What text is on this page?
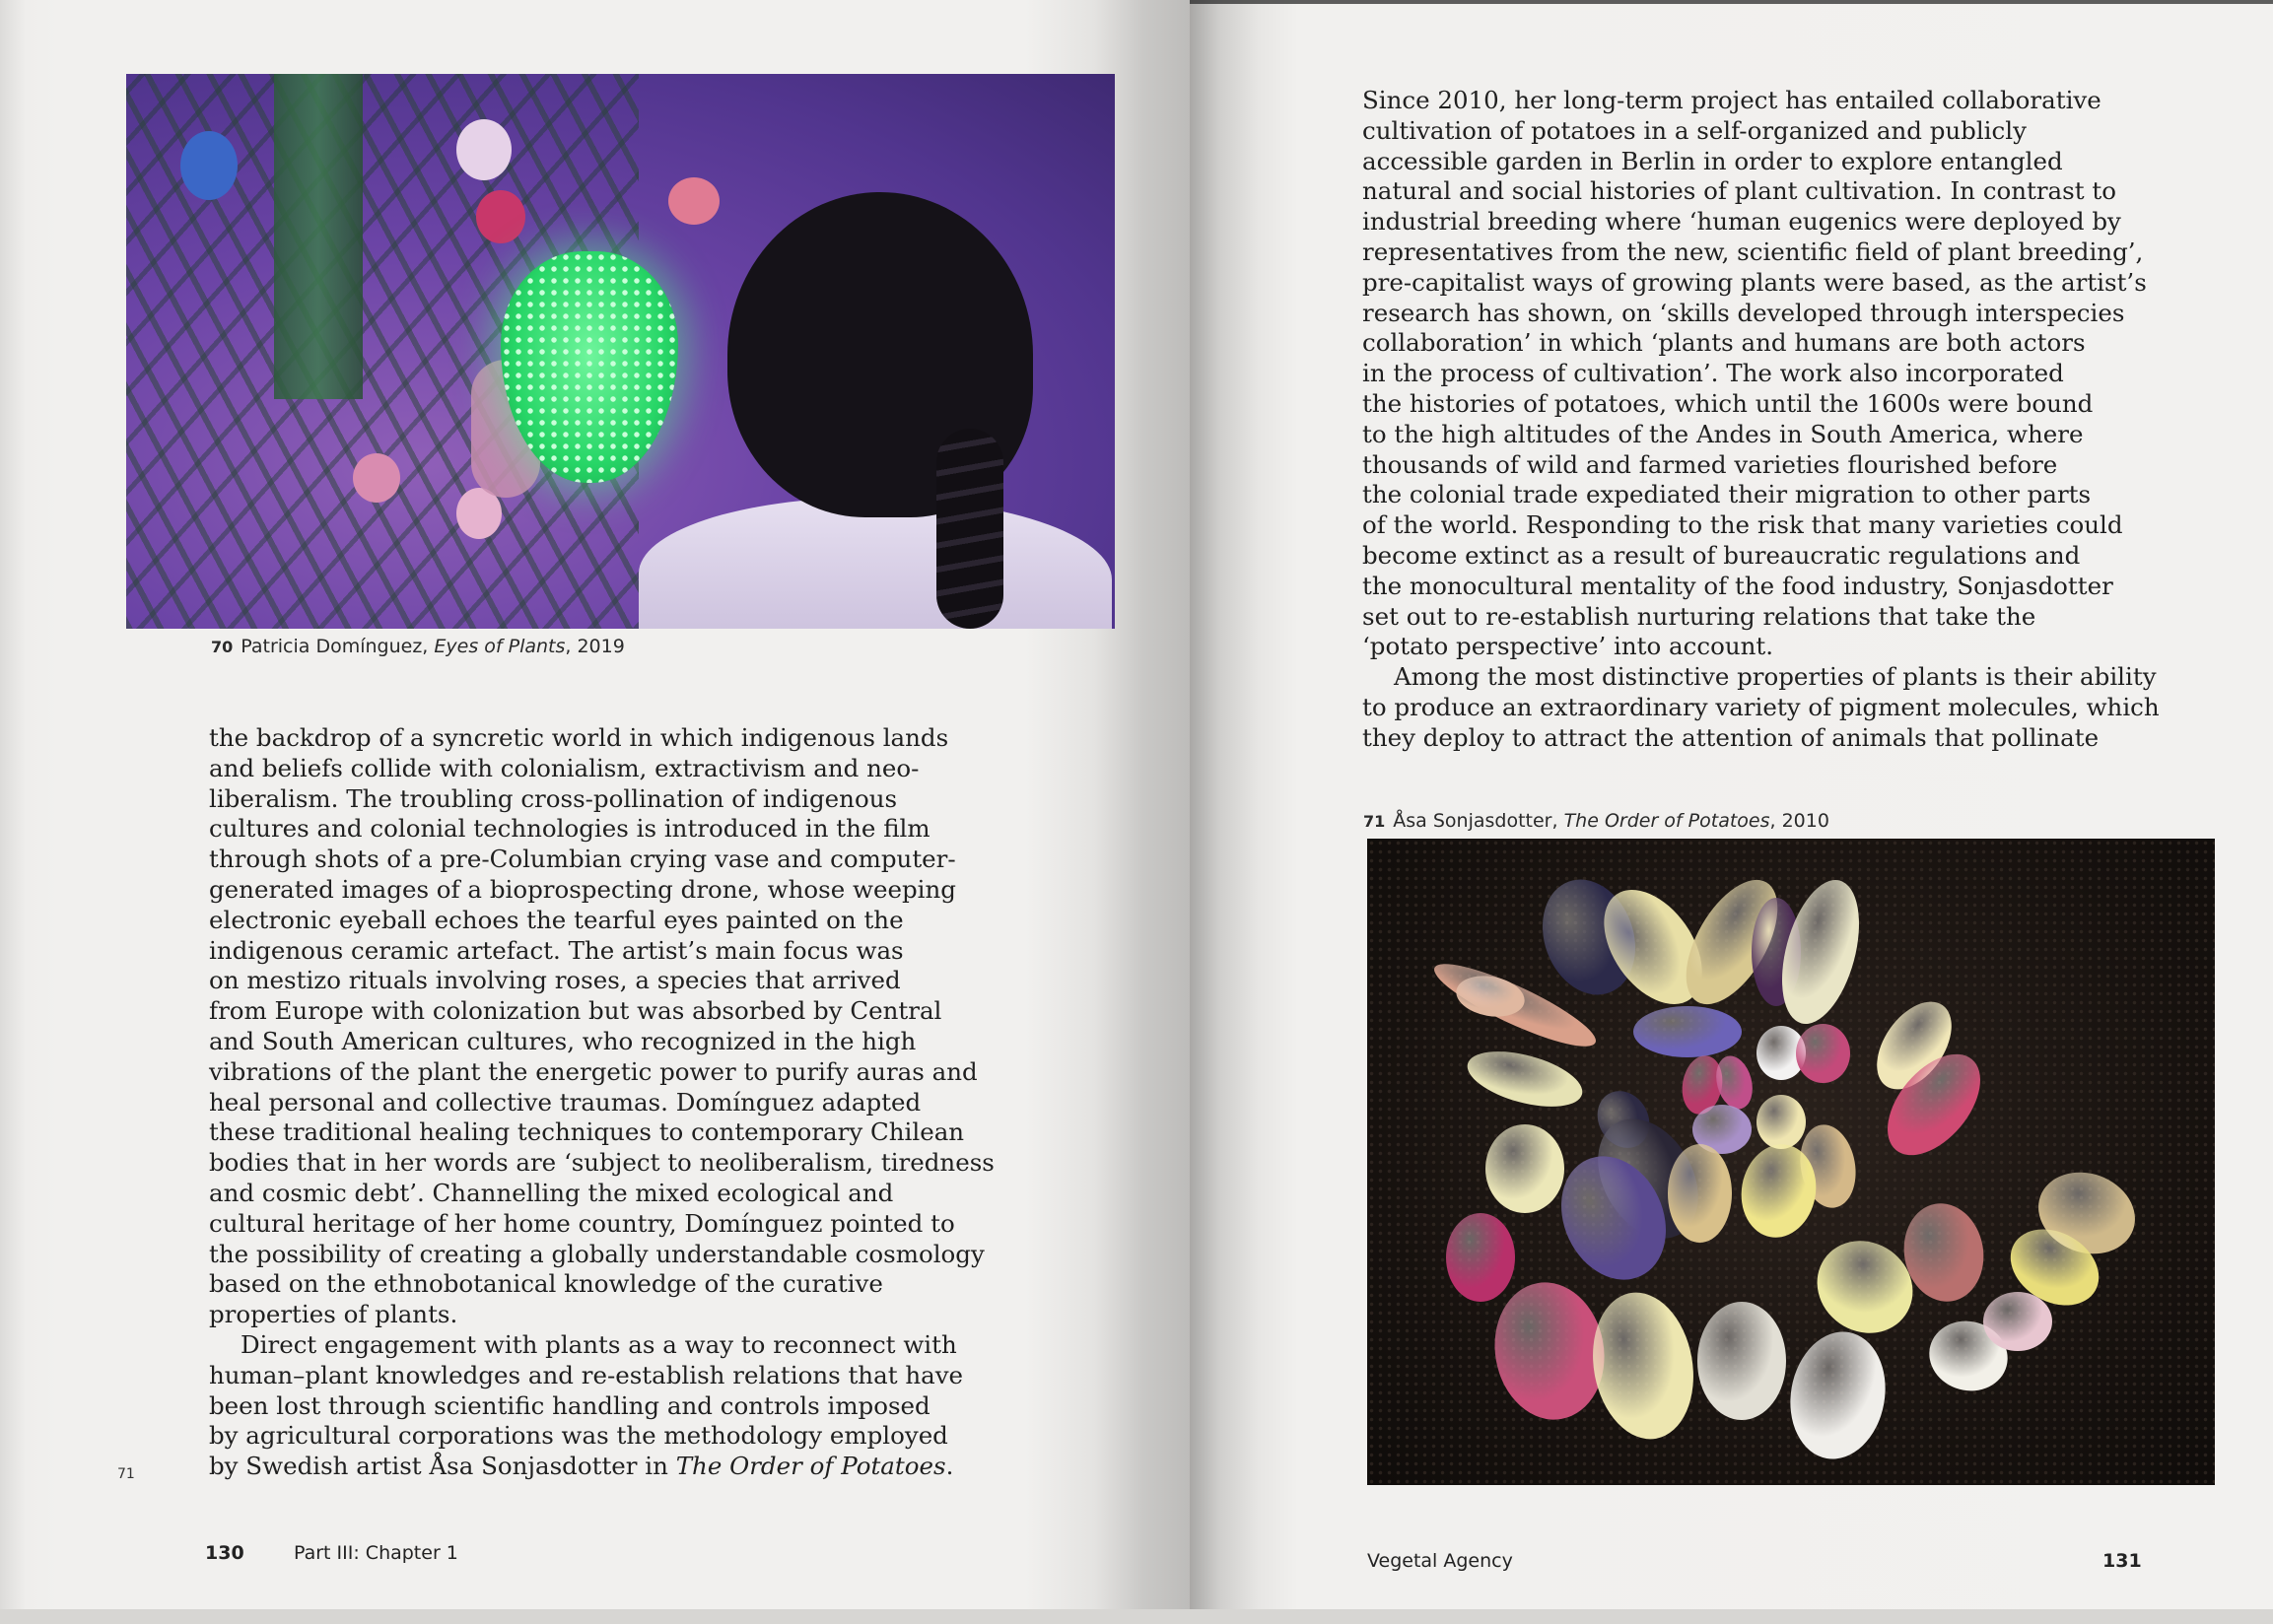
70 Patricia Domínguez, Eyes of Plants, 2019

the backdrop of a syncretic world in which indigenous lands

and beliefs collide with colonialism, extractivism and neo-

liberalism. The troubling cross-pollination of indigenous

cultures and colonial technologies is introduced in the film

through shots of a pre-Columbian crying vase and computer-

generated images of a bioprospecting drone, whose weeping

electronic eyeball echoes the tearful eyes painted on the

indigenous ceramic artefact. The artist’s main focus was

on mestizo rituals involving roses, a species that arrived

from Europe with colonization but was absorbed by Central

and South American cultures, who recognized in the high

vibrations of the plant the energetic power to purify auras and

heal personal and collective traumas. Domínguez adapted

these traditional healing techniques to contemporary Chilean

bodies that in her words are ‘subject to neoliberalism, tiredness

and cosmic debt’. Channelling the mixed ecological and

cultural heritage of her home country, Domínguez pointed to

the possibility of creating a globally understandable cosmology

based on the ethnobotanical knowledge of the curative

properties of plants.

Direct engagement with plants as a way to reconnect with

human–plant knowledges and re-establish relations that have

been lost through scientific handling and controls imposed

by agricultural corporations was the methodology employed

by Swedish artist Åsa Sonjasdotter in The Order of Potatoes.

71
130	Part III: Chapter 1

Since 2010, her long-term project has entailed collaborative

cultivation of potatoes in a self-organized and publicly

accessible garden in Berlin in order to explore entangled

natural and social histories of plant cultivation. In contrast to

industrial breeding where ‘human eugenics were deployed by

representatives from the new, scientific field of plant breeding’,

pre-capitalist ways of growing plants were based, as the artist’s

research has shown, on ‘skills developed through interspecies

collaboration’ in which ‘plants and humans are both actors

in the process of cultivation’. The work also incorporated

the histories of potatoes, which until the 1600s were bound

to the high altitudes of the Andes in South America, where

thousands of wild and farmed varieties flourished before

the colonial trade expediated their migration to other parts

of the world. Responding to the risk that many varieties could

become extinct as a result of bureaucratic regulations and

the monocultural mentality of the food industry, Sonjasdotter

set out to re-establish nurturing relations that take the

‘potato perspective’ into account.

Among the most distinctive properties of plants is their ability

to produce an extraordinary variety of pigment molecules, which

they deploy to attract the attention of animals that pollinate

71 Åsa Sonjasdotter, The Order of Potatoes, 2010
Vegetal Agency	131
